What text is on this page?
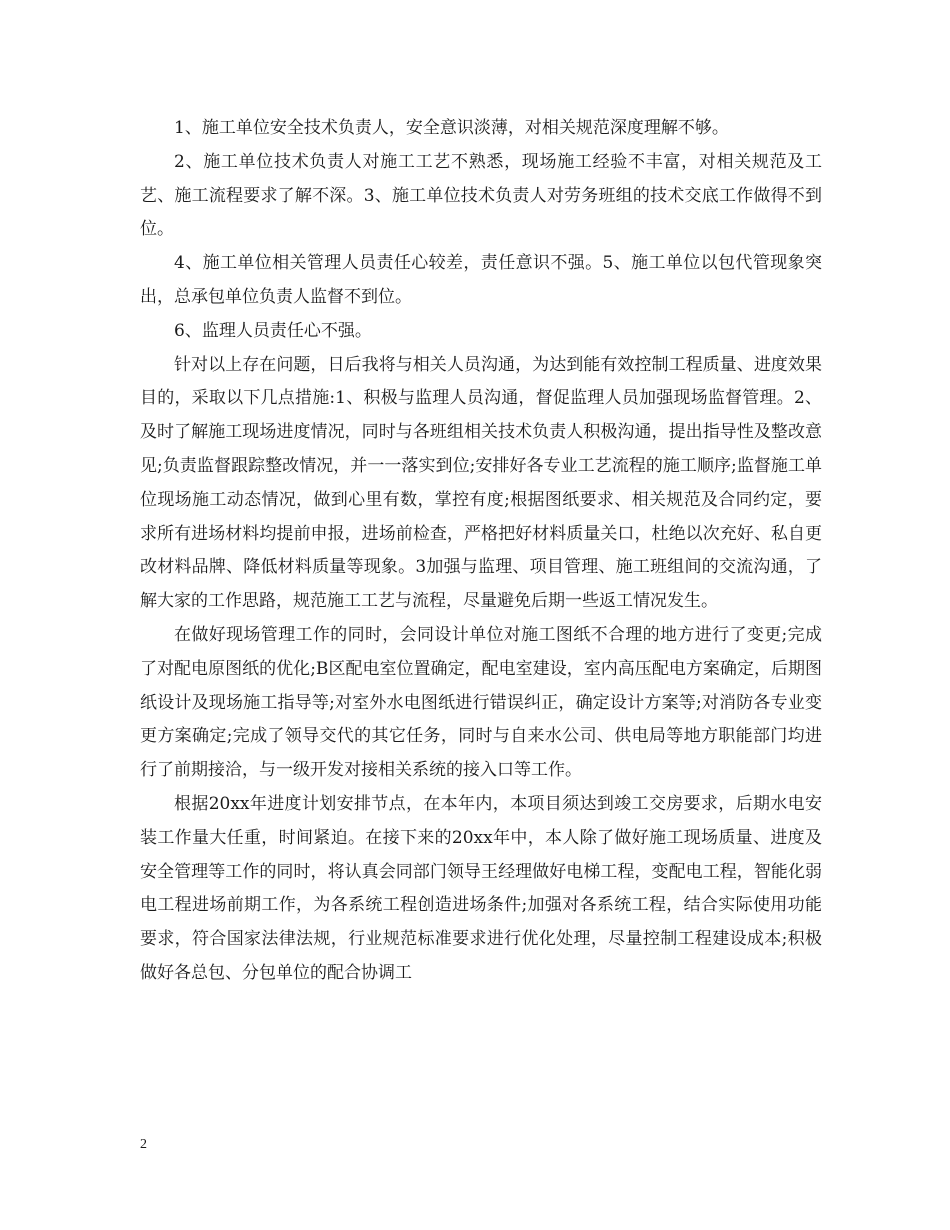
1、施工单位安全技术负责人，安全意识淡薄，对相关规范深度理解不够。

2、施工单位技术负责人对施工工艺不熟悉，现场施工经验不丰富，对相关规范及工艺、施工流程要求了解不深。3、施工单位技术负责人对劳务班组的技术交底工作做得不到位。

4、施工单位相关管理人员责任心较差，责任意识不强。5、施工单位以包代管现象突出，总承包单位负责人监督不到位。

6、监理人员责任心不强。

针对以上存在问题，日后我将与相关人员沟通，为达到能有效控制工程质量、进度效果目的，采取以下几点措施:1、积极与监理人员沟通，督促监理人员加强现场监督管理。2、及时了解施工现场进度情况，同时与各班组相关技术负责人积极沟通，提出指导性及整改意见;负责监督跟踪整改情况，并一一落实到位;安排好各专业工艺流程的施工顺序;监督施工单位现场施工动态情况，做到心里有数，掌控有度;根据图纸要求、相关规范及合同约定，要求所有进场材料均提前申报，进场前检查，严格把好材料质量关口，杜绝以次充好、私自更改材料品牌、降低材料质量等现象。3加强与监理、项目管理、施工班组间的交流沟通，了解大家的工作思路，规范施工工艺与流程，尽量避免后期一些返工情况发生。

在做好现场管理工作的同时，会同设计单位对施工图纸不合理的地方进行了变更;完成了对配电原图纸的优化;B区配电室位置确定，配电室建设，室内高压配电方案确定，后期图纸设计及现场施工指导等;对室外水电图纸进行错误纠正，确定设计方案等;对消防各专业变更方案确定;完成了领导交代的其它任务，同时与自来水公司、供电局等地方职能部门均进行了前期接洽，与一级开发对接相关系统的接入口等工作。

根据20xx年进度计划安排节点，在本年内，本项目须达到竣工交房要求，后期水电安装工作量大任重，时间紧迫。在接下来的20xx年中，本人除了做好施工现场质量、进度及安全管理等工作的同时，将认真会同部门领导王经理做好电梯工程，变配电工程，智能化弱电工程进场前期工作，为各系统工程创造进场条件;加强对各系统工程，结合实际使用功能要求，符合国家法律法规，行业规范标准要求进行优化处理，尽量控制工程建设成本;积极做好各总包、分包单位的配合协调工

2
